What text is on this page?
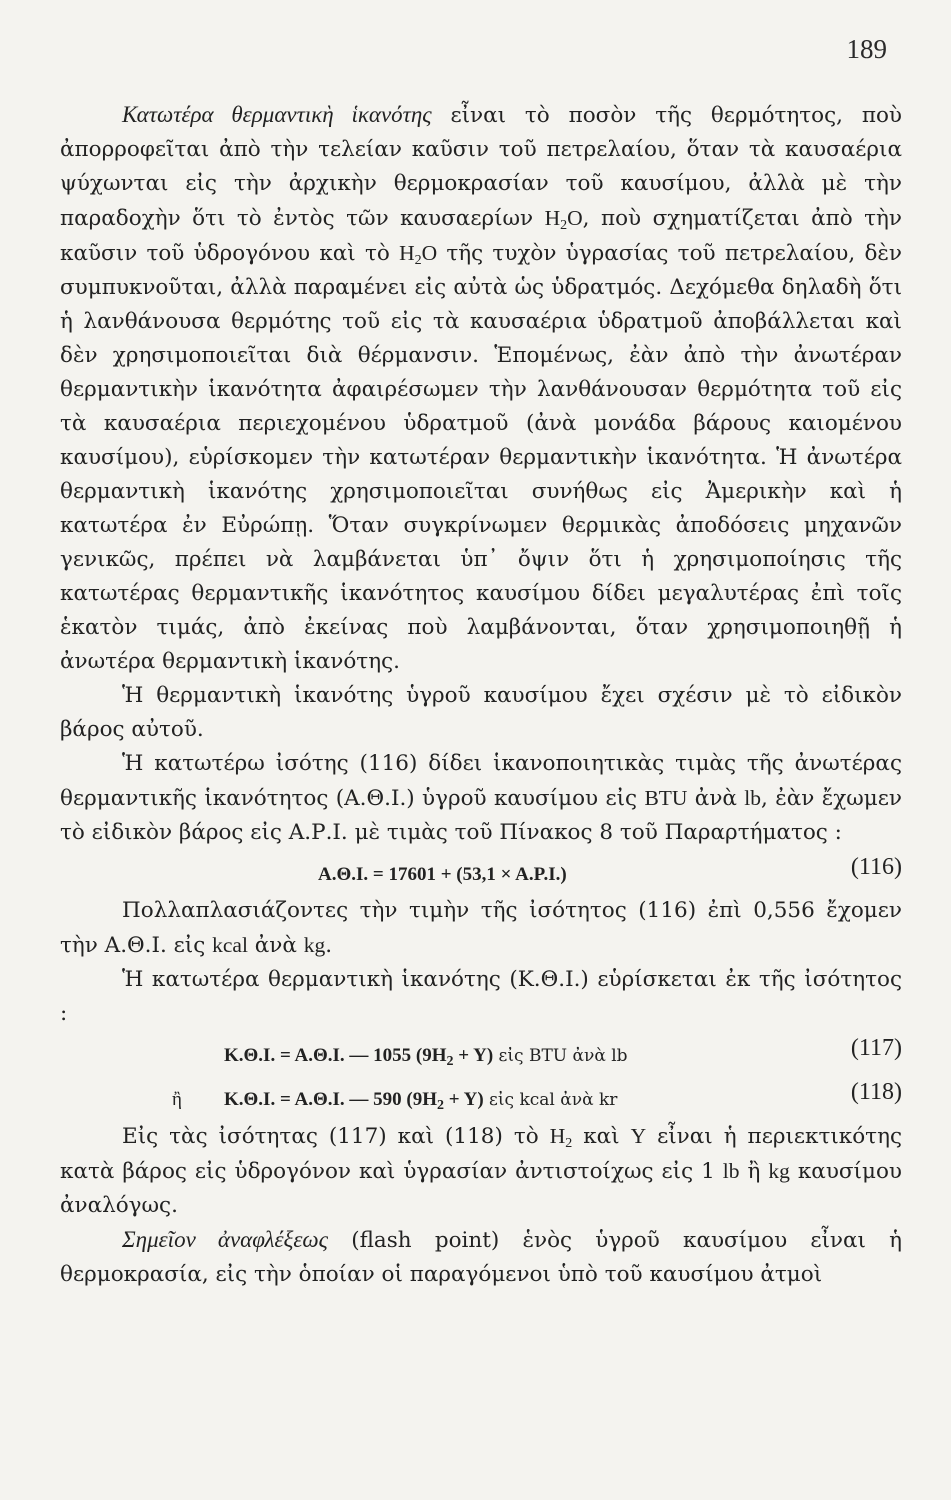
189

Κατωτέρα θερμαντικὴ ἱκανότης εἶναι τὸ ποσὸν τῆς θερμότητος, ποὺ ἀπορροφεῖται ἀπὸ τὴν τελείαν καῦσιν τοῦ πετρελαίου, ὅταν τὰ καυσαέρια ψύχωνται εἰς τὴν ἀρχικὴν θερμοκρασίαν τοῦ καυσίμου, ἀλλὰ μὲ τὴν παραδοχὴν ὅτι τὸ ἐντὸς τῶν καυσαερίων $H_2O$, ποὺ σχηματίζεται ἀπὸ τὴν καῦσιν τοῦ ὑδρογόνου καὶ τὸ $H_2O$ τῆς τυχὸν ὑγρασίας τοῦ πετρελαίου, δὲν συμπυκνοῦται, ἀλλὰ παραμένει εἰς αὐτὰ ὡς ὑδρατμός. Δεχόμεθα δηλαδὴ ὅτι ἡ λανθάνουσα θερμότης τοῦ εἰς τὰ καυσαέρια ὑδρατμοῦ ἀποβάλλεται καὶ δὲν χρησιμοποιεῖται διὰ θέρμανσιν. Ἑπομένως, ἐὰν ἀπὸ τὴν ἀνωτέραν θερμαντικὴν ἱκανότητα ἀφαιρέσωμεν τὴν λανθάνουσαν θερμότητα τοῦ εἰς τὰ καυσαέρια περιεχομένου ὑδρατμοῦ (ἀνὰ μονάδα βάρους καιομένου καυσίμου), εὑρίσκομεν τὴν κατωτέραν θερμαντικὴν ἱκανότητα. Ἡ ἀνωτέρα θερμαντικὴ ἱκανότης χρησιμοποιεῖται συνήθως εἰς Ἀμερικὴν καὶ ἡ κατωτέρα ἐν Εὐρώπῃ. Ὅταν συγκρίνωμεν θερμικὰς ἀποδόσεις μηχανῶν γενικῶς, πρέπει νὰ λαμβάνεται ὑπ᾽ ὄψιν ὅτι ἡ χρησιμοποίησις τῆς κατωτέρας θερμαντικῆς ἱκανότητος καυσίμου δίδει μεγαλυτέρας ἐπὶ τοῖς ἑκατὸν τιμάς, ἀπὸ ἐκείνας ποὺ λαμβάνονται, ὅταν χρησιμοποιηθῇ ἡ ἀνωτέρα θερμαντικὴ ἱκανότης.

Ἡ θερμαντικὴ ἱκανότης ὑγροῦ καυσίμου ἔχει σχέσιν μὲ τὸ εἰδικὸν βάρος αὐτοῦ.

Ἡ κατωτέρω ἰσότης (116) δίδει ἱκανοποιητικὰς τιμὰς τῆς ἀνωτέρας θερμαντικῆς ἱκανότητος (Α.Θ.Ι.) ὑγροῦ καυσίμου εἰς BTU ἀνὰ lb, ἐὰν ἔχωμεν τὸ εἰδικὸν βάρος εἰς Α.Ρ.Ι. μὲ τιμὰς τοῦ Πίνακος 8 τοῦ Παραρτήματος :

Α.Θ.Ι. = 17601 + (53,1 × Α.Ρ.Ι.)	(116)

Πολλαπλασιάζοντες τὴν τιμὴν τῆς ἰσότητος (116) ἐπὶ 0,556 ἔχομεν τὴν Α.Θ.Ι. εἰς kcal ἀνὰ kg.

Ἡ κατωτέρα θερμαντικὴ ἱκανότης (Κ.Θ.Ι.) εὑρίσκεται ἐκ τῆς ἰσότητος :

Κ.Θ.Ι. = Α.Θ.Ι. — 1055 $(9H_2 + Y)$ εἰς BTU ἀνὰ lb	(117)
ἢ Κ.Θ.Ι. = Α.Θ.Ι. — 590 $(9H_2 + Y)$ εἰς kcal ἀνὰ kr	(118)

Εἰς τὰς ἰσότητας (117) καὶ (118) τὸ $H_2$ καὶ Y εἶναι ἡ περιεκτικότης κατὰ βάρος εἰς ὑδρογόνον καὶ ὑγρασίαν ἀντιστοίχως εἰς 1 lb ἢ kg καυσίμου ἀναλόγως.

Σημεῖον ἀναφλέξεως (flash point) ἑνὸς ὑγροῦ καυσίμου εἶναι ἡ θερμοκρασία, εἰς τὴν ὁποίαν οἱ παραγόμενοι ὑπὸ τοῦ καυσίμου ἀτμοὶ
